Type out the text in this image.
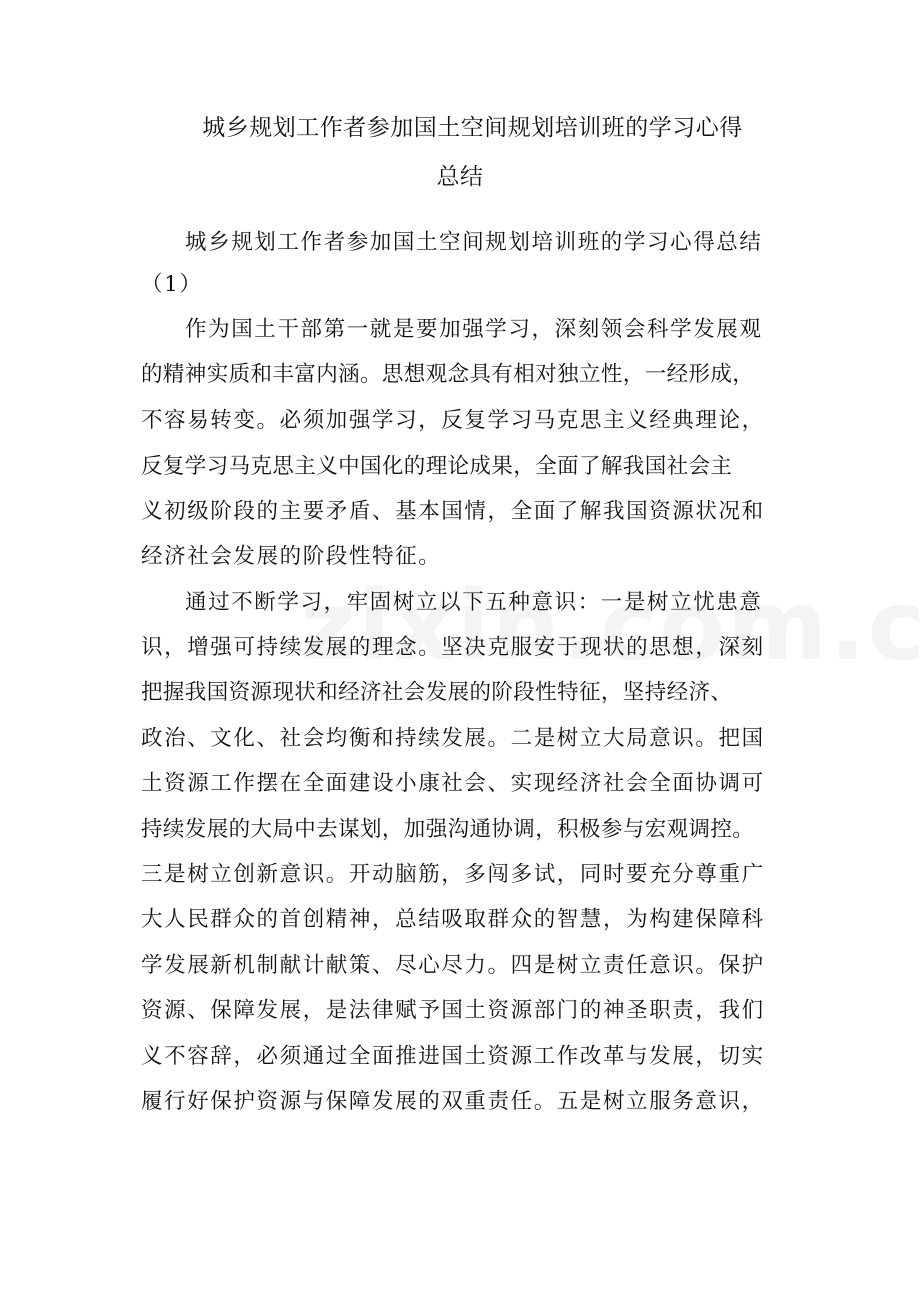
城乡规划工作者参加国土空间规划培训班的学习心得
总结
城乡规划工作者参加国土空间规划培训班的学习心得总结
（1）
作为国土干部第一就是要加强学习，深刻领会科学发展观
的精神实质和丰富内涵。思想观念具有相对独立性，一经形成，
不容易转变。必须加强学习，反复学习马克思主义经典理论，
反复学习马克思主义中国化的理论成果，全面了解我国社会主
义初级阶段的主要矛盾、基本国情，全面了解我国资源状况和
经济社会发展的阶段性特征。
通过不断学习，牢固树立以下五种意识：一是树立忧患意
识，增强可持续发展的理念。坚决克服安于现状的思想，深刻
把握我国资源现状和经济社会发展的阶段性特征，坚持经济、
政治、文化、社会均衡和持续发展。二是树立大局意识。把国
土资源工作摆在全面建设小康社会、实现经济社会全面协调可
持续发展的大局中去谋划，加强沟通协调，积极参与宏观调控。
三是树立创新意识。开动脑筋，多闯多试，同时要充分尊重广
大人民群众的首创精神，总结吸取群众的智慧，为构建保障科
学发展新机制献计献策、尽心尽力。四是树立责任意识。保护
资源、保障发展，是法律赋予国土资源部门的神圣职责，我们
义不容辞，必须通过全面推进国土资源工作改革与发展，切实
履行好保护资源与保障发展的双重责任。五是树立服务意识，
